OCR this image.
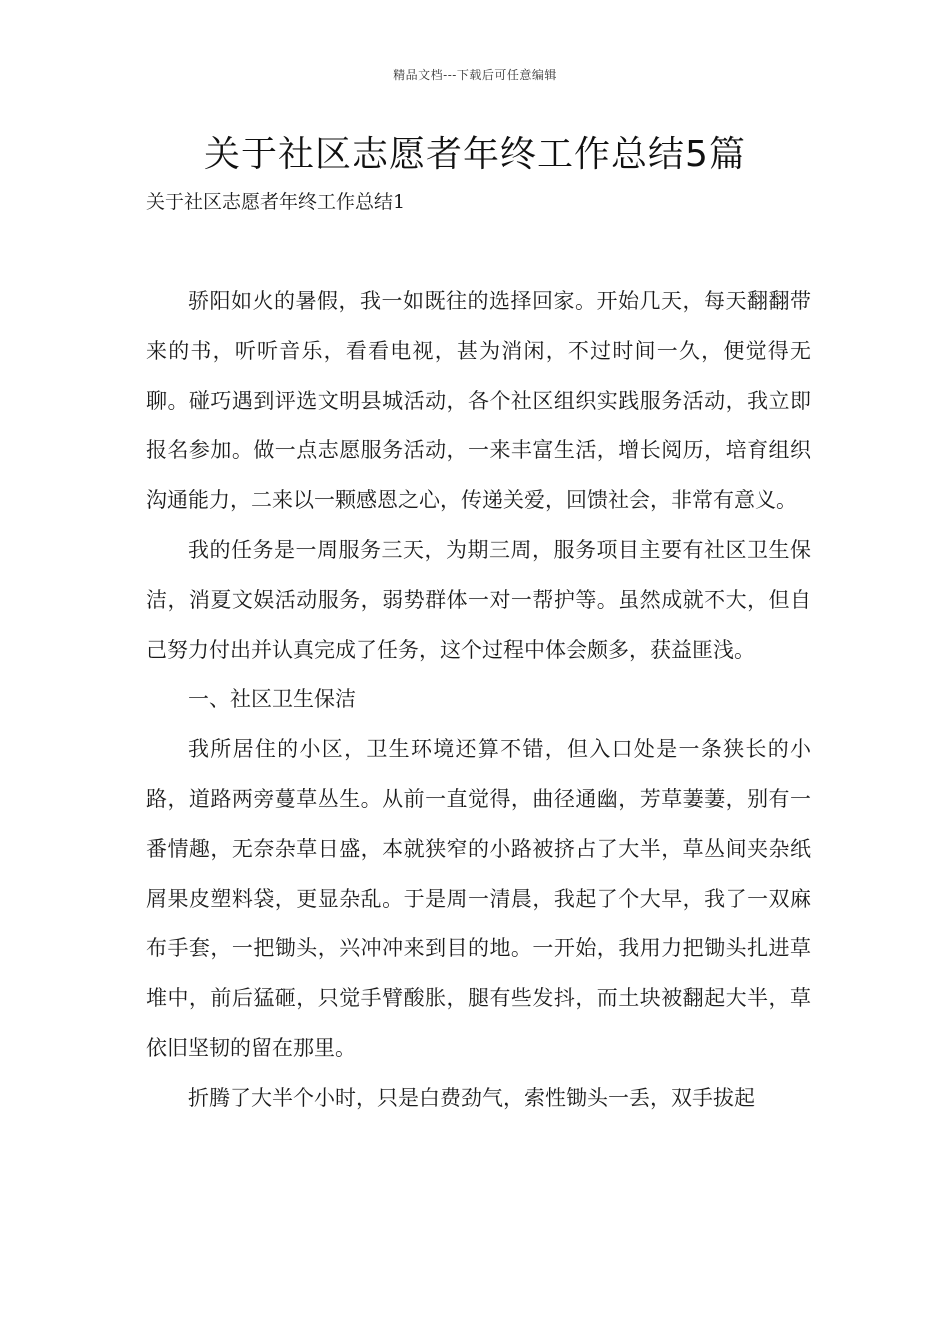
精品文档---下载后可任意编辑
关于社区志愿者年终工作总结5篇

关于社区志愿者年终工作总结1

骄阳如火的暑假，我一如既往的选择回家。开始几天，每天翻翻带来的书，听听音乐，看看电视，甚为消闲，不过时间一久，便觉得无聊。碰巧遇到评选文明县城活动，各个社区组织实践服务活动，我立即报名参加。做一点志愿服务活动，一来丰富生活，增长阅历，培育组织沟通能力，二来以一颗感恩之心，传递关爱，回馈社会，非常有意义。

我的任务是一周服务三天，为期三周，服务项目主要有社区卫生保洁，消夏文娱活动服务，弱势群体一对一帮护等。虽然成就不大，但自己努力付出并认真完成了任务，这个过程中体会颇多，获益匪浅。

一、社区卫生保洁

我所居住的小区，卫生环境还算不错，但入口处是一条狭长的小路，道路两旁蔓草丛生。从前一直觉得，曲径通幽，芳草萋萋，别有一番情趣，无奈杂草日盛，本就狭窄的小路被挤占了大半，草丛间夹杂纸屑果皮塑料袋，更显杂乱。于是周一清晨，我起了个大早，我了一双麻布手套，一把锄头，兴冲冲来到目的地。一开始，我用力把锄头扎进草堆中，前后猛砸，只觉手臂酸胀，腿有些发抖，而土块被翻起大半，草依旧坚韧的留在那里。

折腾了大半个小时，只是白费劲气，索性锄头一丢，双手拔起
